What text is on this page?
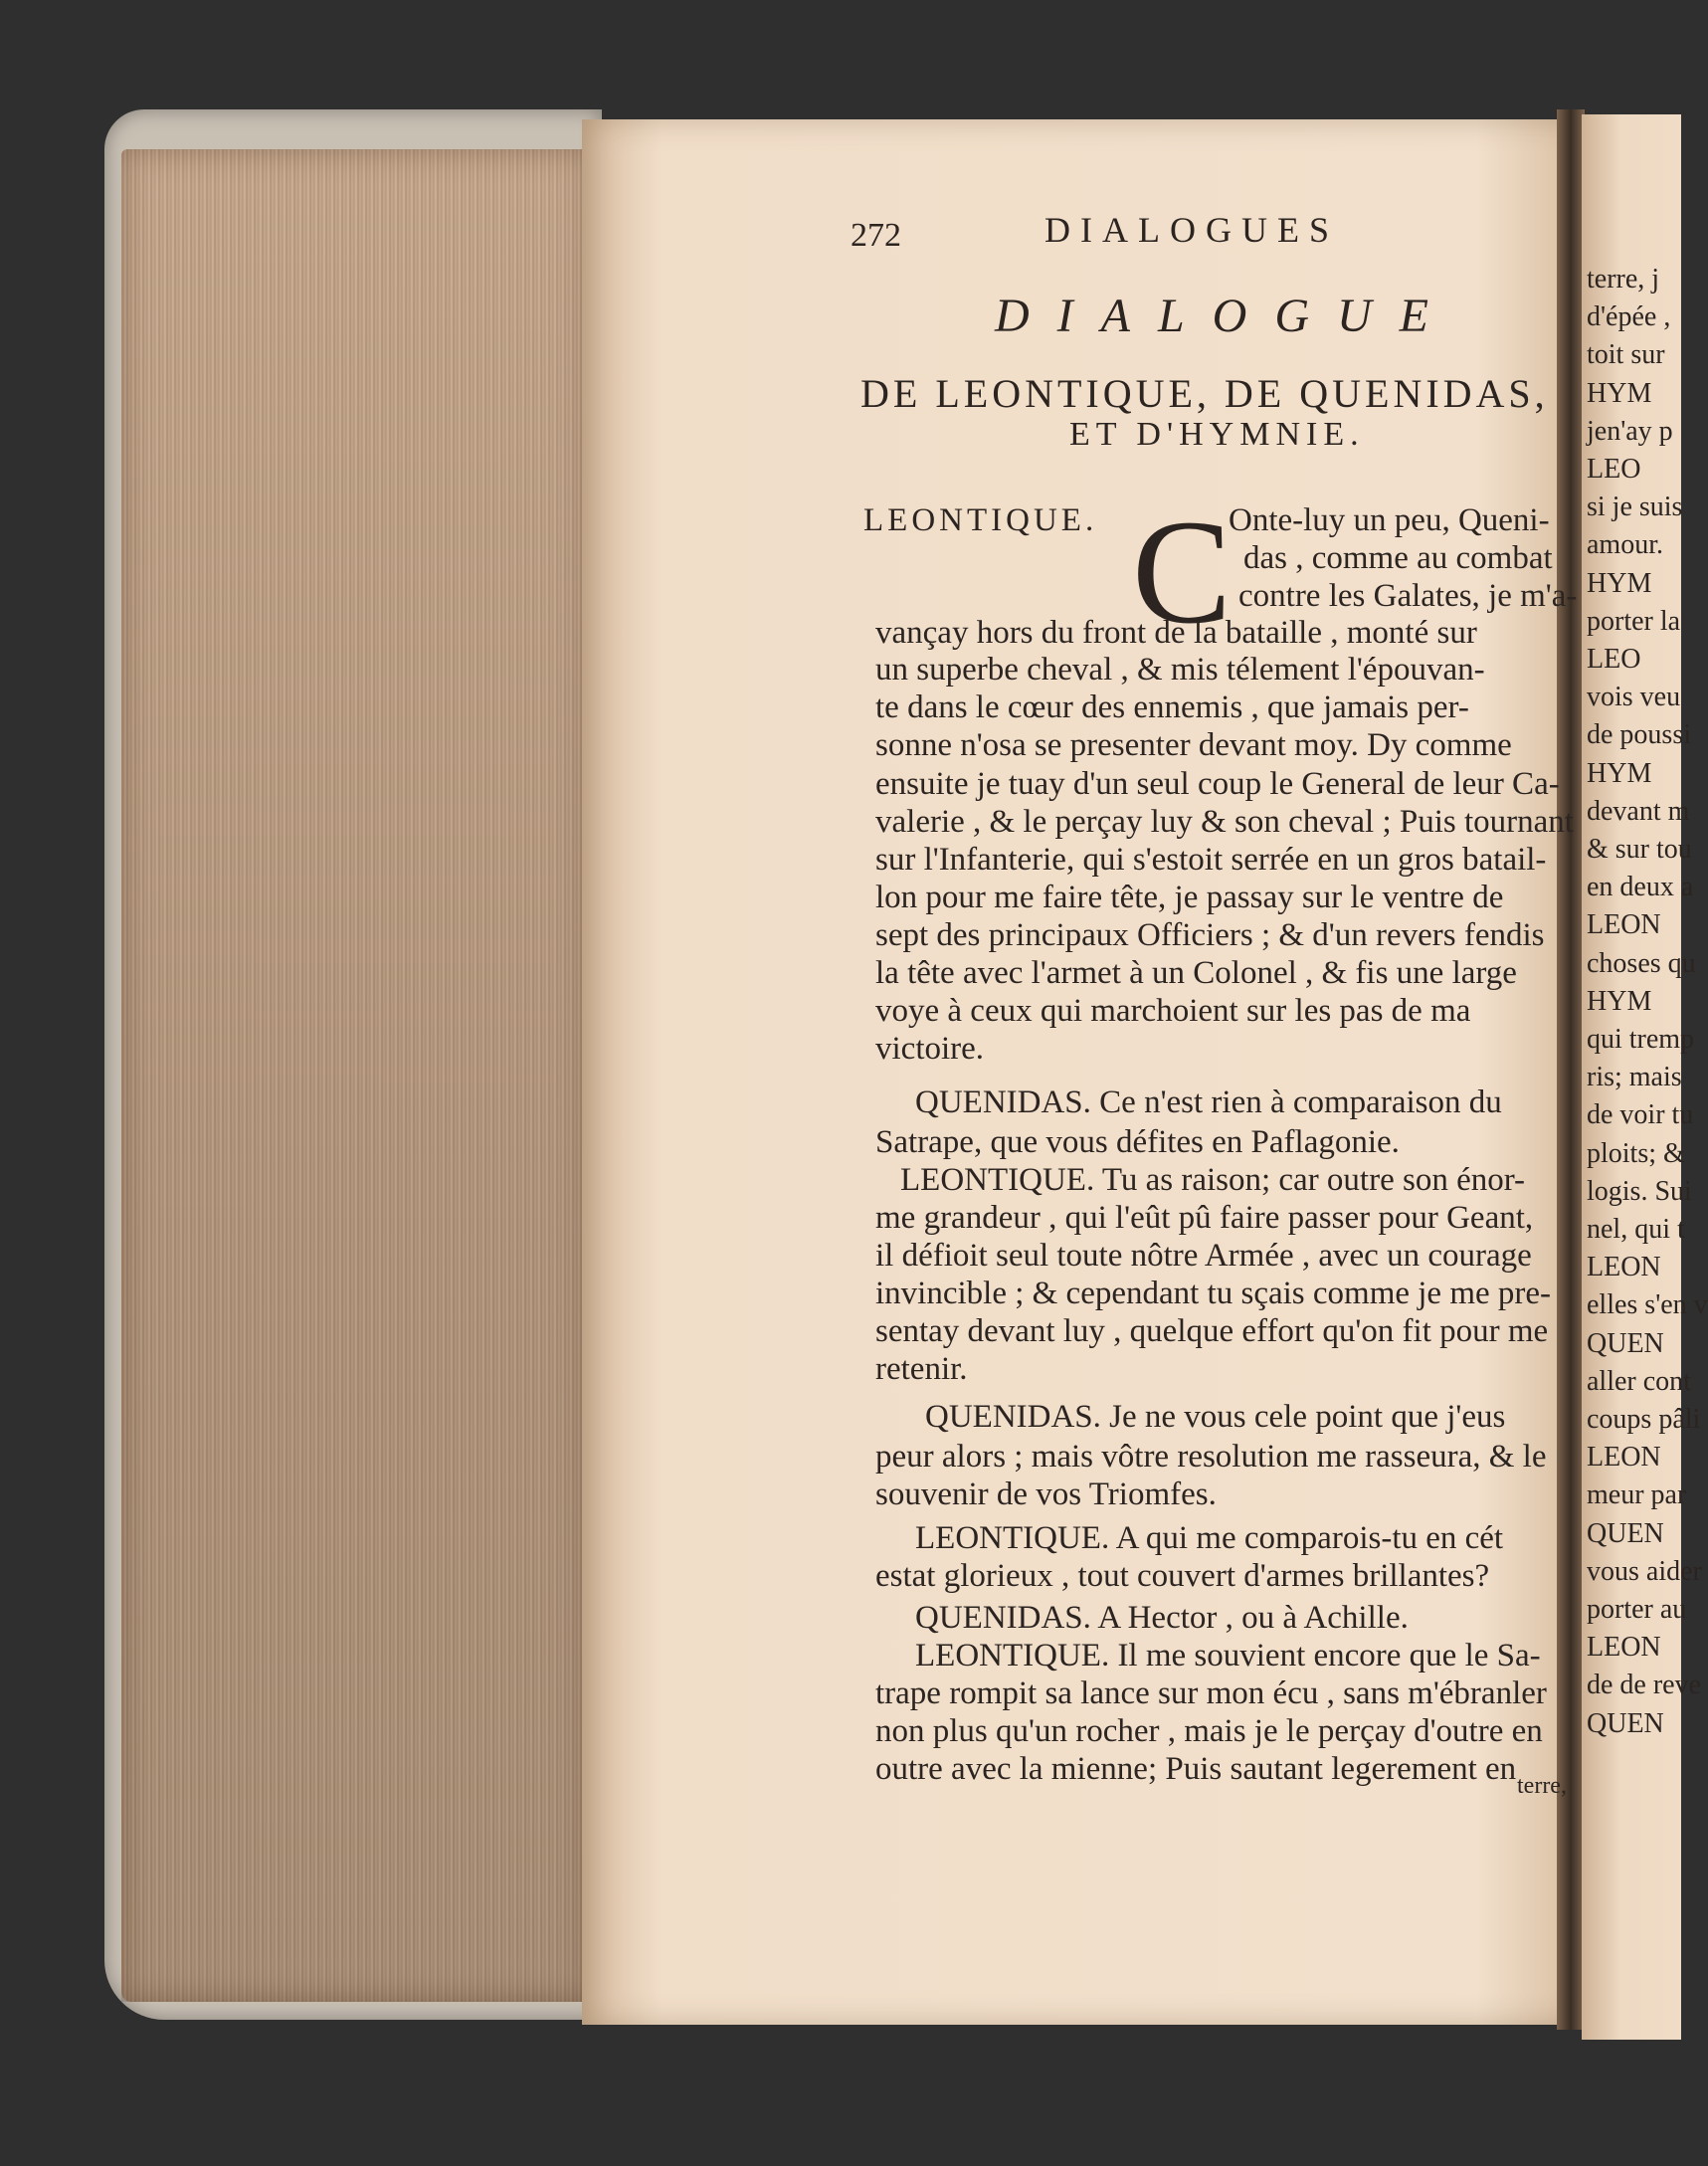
272	DIALOGUES
DIALOGUE
DE LEONTIQUE, DE QUENIDAS,
ET D'HYMNIE.
LEONTIQUE. C
Onte-luy un peu, Queni-
das , comme au combat
contre les Galates, je m'a-
vançay hors du front de la bataille , monté sur
un superbe cheval , & mis télement l'épouvan-
te dans le cœur des ennemis , que jamais per-
sonne n'osa se presenter devant moy. Dy comme
ensuite je tuay d'un seul coup le General de leur Ca-
valerie , & le perçay luy & son cheval ; Puis tournant
sur l'Infanterie, qui s'estoit serrée en un gros batail-
lon pour me faire tête, je passay sur le ventre de
sept des principaux Officiers ; & d'un revers fendis
la tête avec l'armet à un Colonel , & fis une large
voye à ceux qui marchoient sur les pas de ma
victoire.
QUENIDAS. Ce n'est rien à comparaison du
Satrape, que vous défites en Paflagonie.
LEONTIQUE. Tu as raison; car outre son énor-
me grandeur , qui l'eût pû faire passer pour Geant,
il défioit seul toute nôtre Armée , avec un courage
invincible ; & cependant tu sçais comme je me pre-
sentay devant luy , quelque effort qu'on fit pour me
retenir.
QUENIDAS. Je ne vous cele point que j'eus
peur alors ; mais vôtre resolution me rasseura, & le
souvenir de vos Triomfes.
LEONTIQUE. A qui me comparois-tu en cét
estat glorieux , tout couvert d'armes brillantes?
QUENIDAS. A Hector , ou à Achille.
LEONTIQUE. Il me souvient encore que le Sa-
trape rompit sa lance sur mon écu , sans m'ébranler
non plus qu'un rocher , mais je le perçay d'outre en
outre avec la mienne; Puis sautant legerement en terre,
terre, j
d'épée ,
toit sur
HYM
jen'ay p
LEO
si je suis
amour.
HYM
porter la
LEO
vois veu
de poussi
HYM
devant m
& sur tou
en deux a
LEON
choses qu
HYM
qui tremp
ris; mais
de voir tu
ploits; &
logis. Sui
nel, qui t
LEON
elles s'en v
QUEN
aller cont
coups pâli
LEON
meur par
QUEN
vous aider
porter au
LEON
de de reve
QUEN
